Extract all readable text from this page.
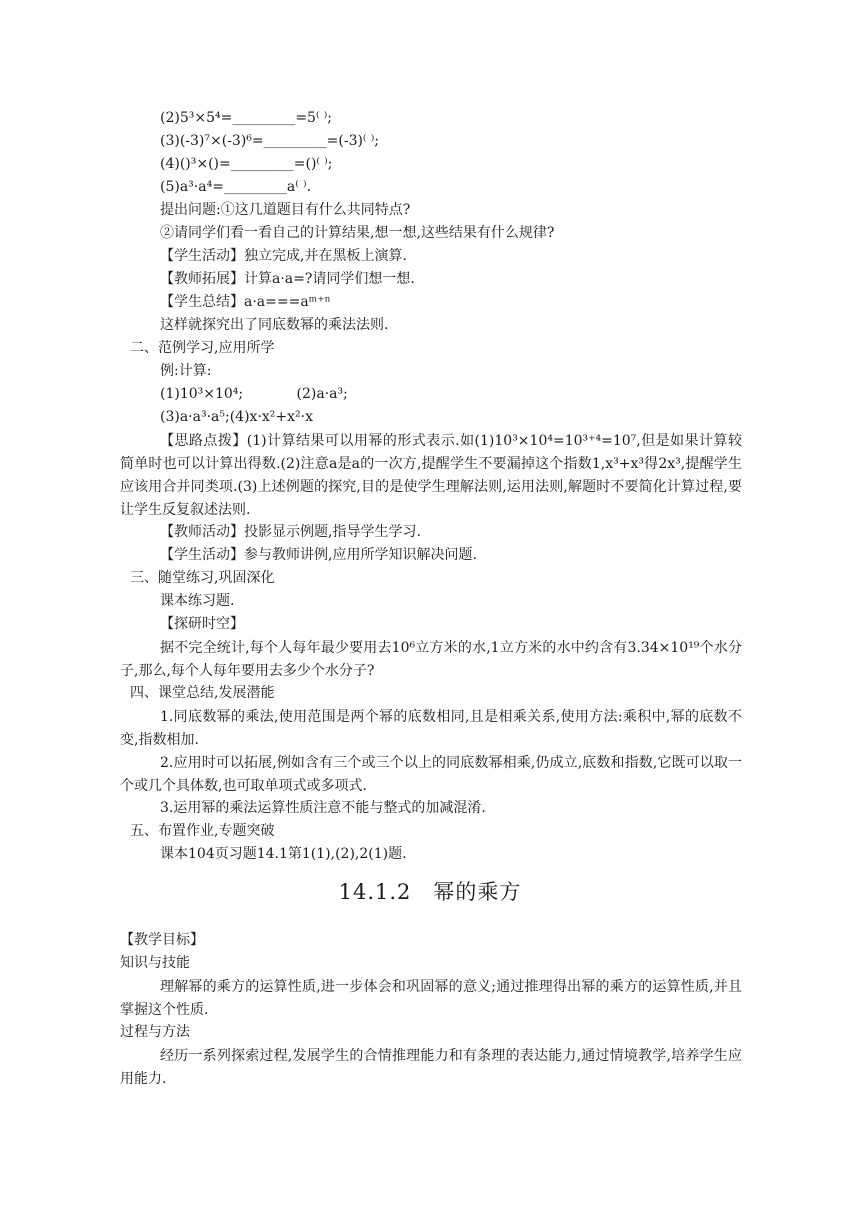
(2)5³×5⁴=_________=5⁽ ⁾;
(3)(-3)⁷×(-3)⁶=_________=(-3)⁽ ⁾;
(4)()³×()=_________=()⁽ ⁾;
(5)a³·a⁴=_________a⁽ ⁾.
提出问题:①这几道题目有什么共同特点?
②请同学们看一看自己的计算结果,想一想,这些结果有什么规律?
【学生活动】独立完成,并在黑板上演算.
【教师拓展】计算a·a=?请同学们想一想.
【学生总结】a·a===aᵐ⁺ⁿ
这样就探究出了同底数幂的乘法法则.
二、范例学习,应用所学
例:计算:
(1)10³×10⁴;            (2)a·a³;
(3)a·a³·a⁵;(4)x·x²+x²·x
【思路点拨】(1)计算结果可以用幂的形式表示.如(1)10³×10⁴=10³⁺⁴=10⁷,但是如果计算较简单时也可以计算出得数.(2)注意a是a的一次方,提醒学生不要漏掉这个指数1,x³+x³得2x³,提醒学生应该用合并同类项.(3)上述例题的探究,目的是使学生理解法则,运用法则,解题时不要简化计算过程,要让学生反复叙述法则.
【教师活动】投影显示例题,指导学生学习.
【学生活动】参与教师讲例,应用所学知识解决问题.
三、随堂练习,巩固深化
课本练习题.
【探研时空】
据不完全统计,每个人每年最少要用去10⁶立方米的水,1立方米的水中约含有3.34×10¹⁹个水分子,那么,每个人每年要用去多少个水分子?
四、课堂总结,发展潜能
1.同底数幂的乘法,使用范围是两个幂的底数相同,且是相乘关系,使用方法:乘积中,幂的底数不变,指数相加.
2.应用时可以拓展,例如含有三个或三个以上的同底数幂相乘,仍成立,底数和指数,它既可以取一个或几个具体数,也可取单项式或多项式.
3.运用幂的乘法运算性质注意不能与整式的加减混淆.
五、布置作业,专题突破
课本104页习题14.1第1(1),(2),2(1)题.
14.1.2　幂的乘方
【教学目标】
知识与技能
理解幂的乘方的运算性质,进一步体会和巩固幂的意义;通过推理得出幂的乘方的运算性质,并且掌握这个性质.
过程与方法
经历一系列探索过程,发展学生的合情推理能力和有条理的表达能力,通过情境教学,培养学生应用能力.
